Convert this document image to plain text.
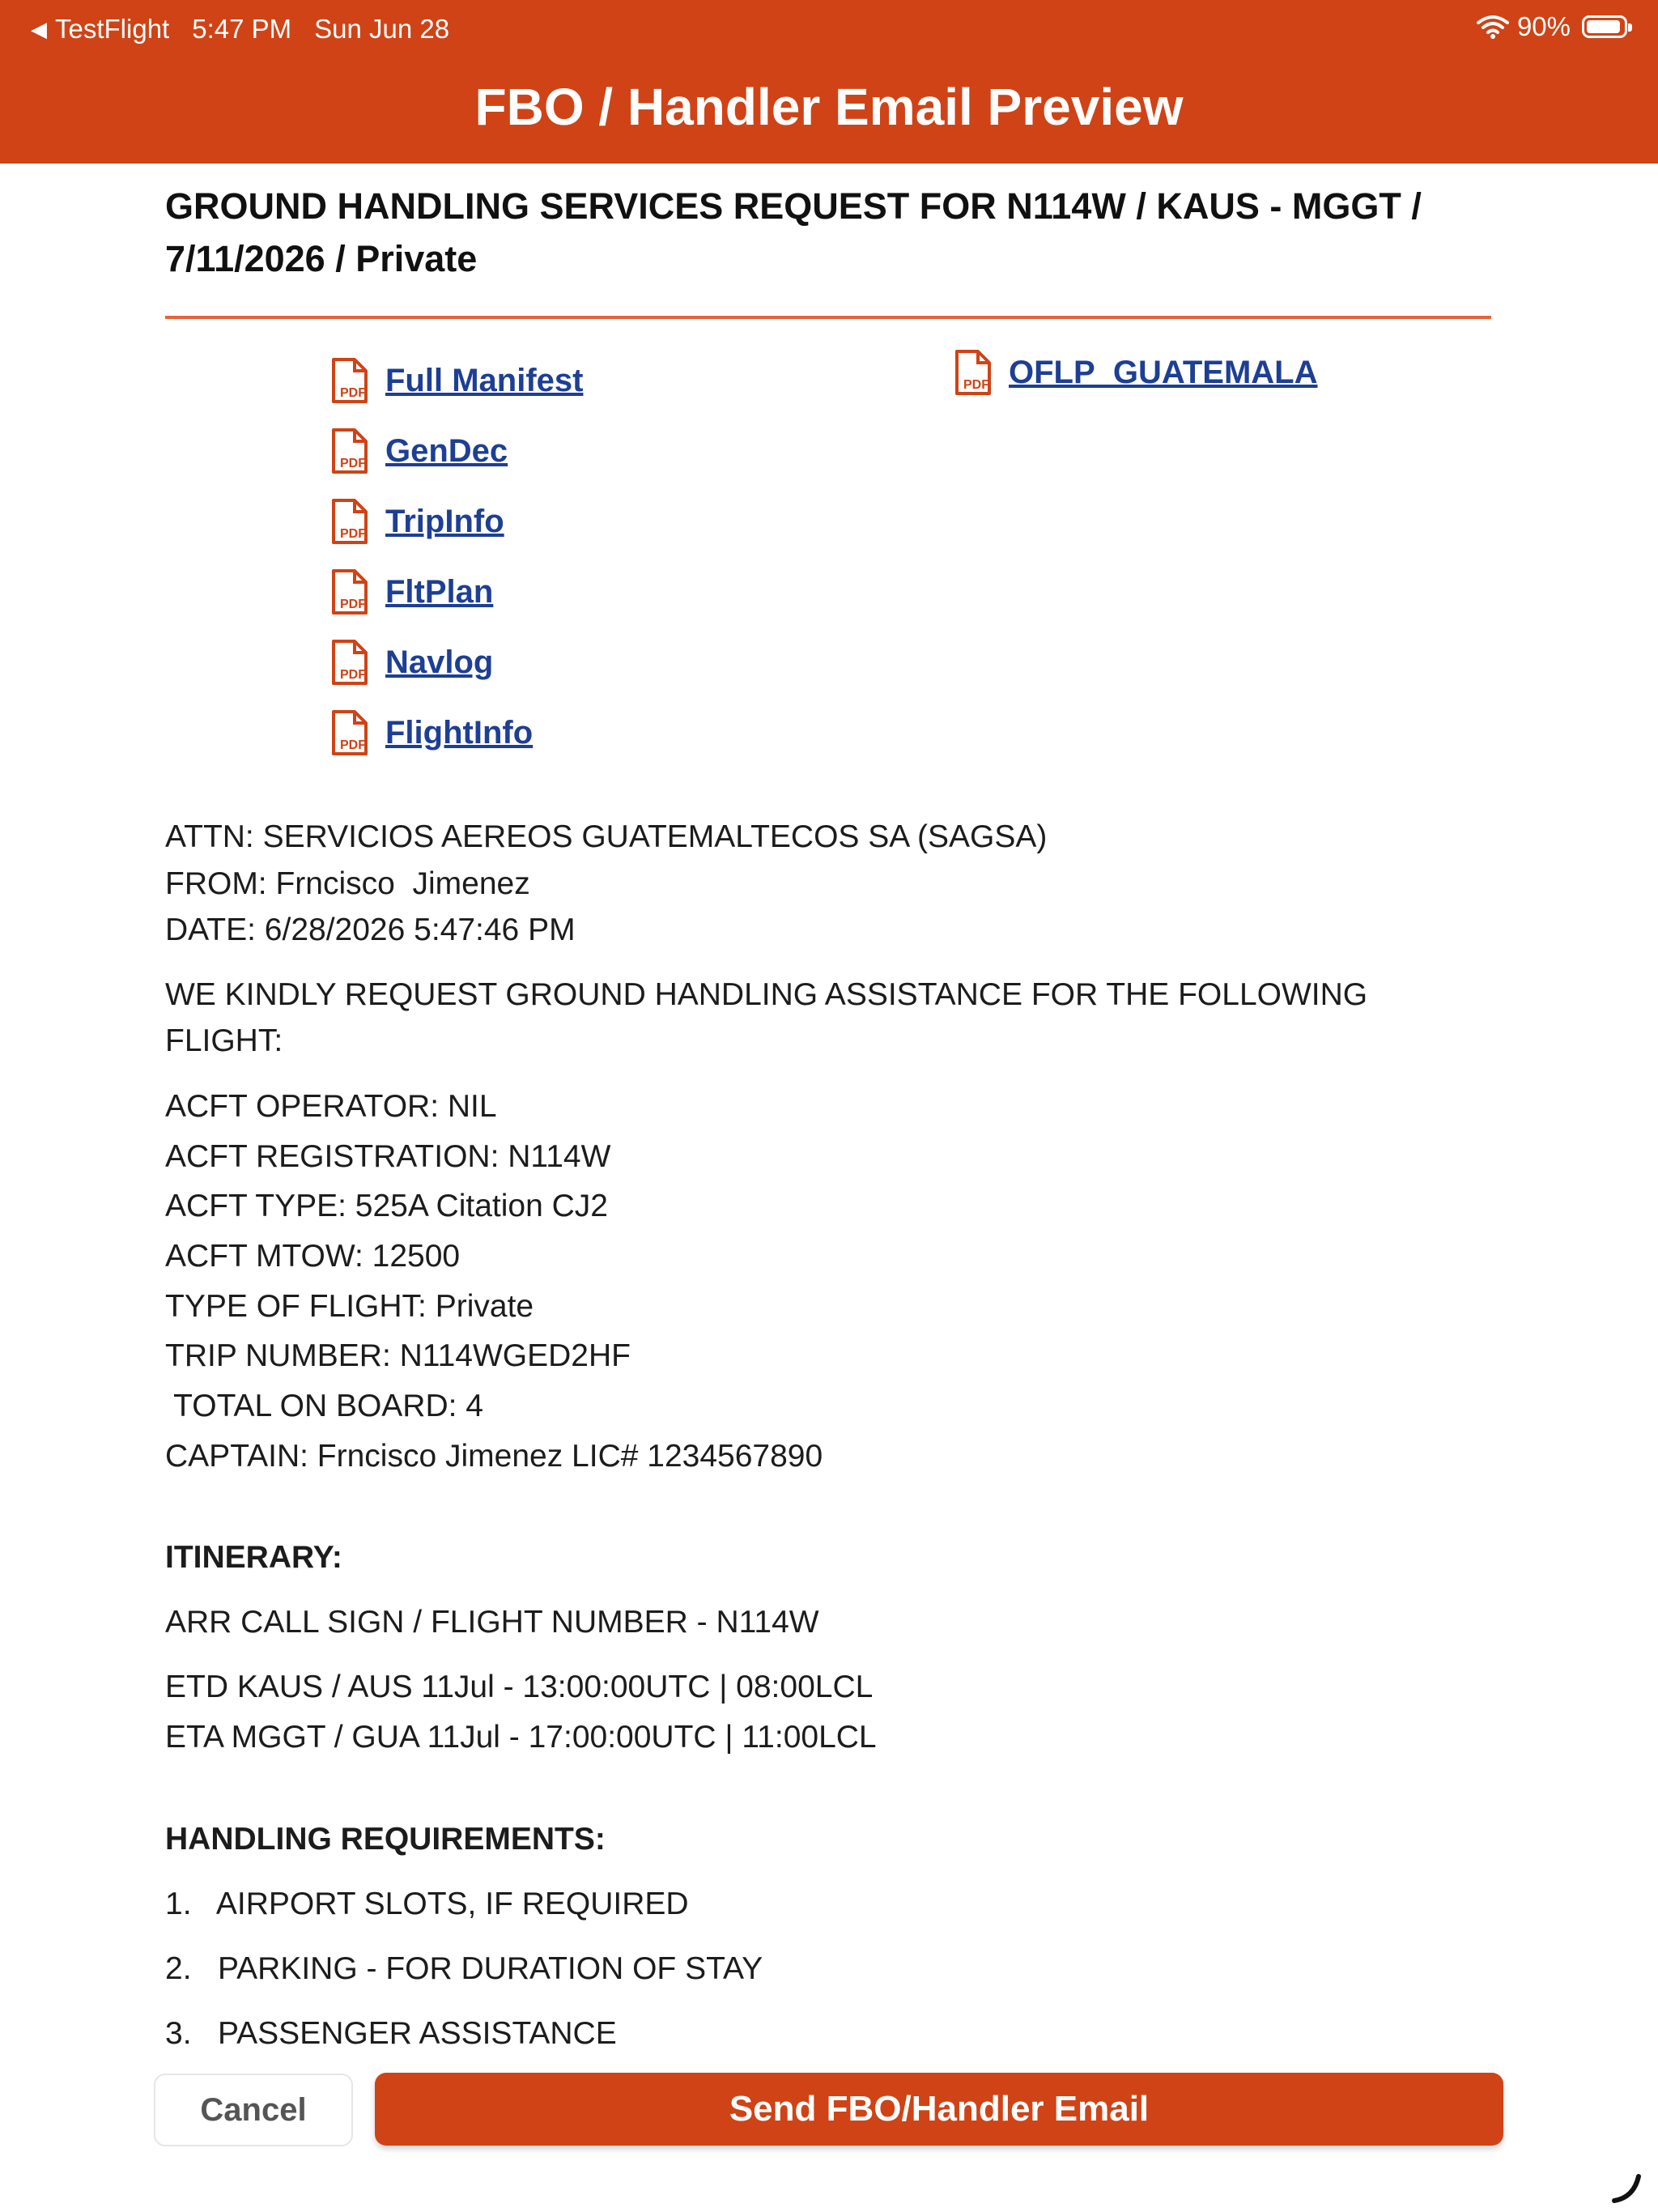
◀ TestFlight 5:47 PM Sun Jun 28	90%
FBO / Handler Email Preview
GROUND HANDLING SERVICES REQUEST FOR N114W / KAUS - MGGT / 7/11/2026 / Private
PDF Full Manifest
PDF GenDec
PDF TripInfo
PDF FltPlan
PDF Navlog
PDF FlightInfo
PDF OFLP_GUATEMALA
ATTN: SERVICIOS AEREOS GUATEMALTECOS SA (SAGSA)
FROM: Frncisco  Jimenez
DATE: 6/28/2026 5:47:46 PM
WE KINDLY REQUEST GROUND HANDLING ASSISTANCE FOR THE FOLLOWING
FLIGHT:
ACFT OPERATOR: NIL
ACFT REGISTRATION: N114W
ACFT TYPE: 525A Citation CJ2
ACFT MTOW: 12500
TYPE OF FLIGHT: Private
TRIP NUMBER: N114WGED2HF
TOTAL ON BOARD: 4
CAPTAIN: Frncisco Jimenez LIC# 1234567890
ITINERARY:
ARR CALL SIGN / FLIGHT NUMBER - N114W
ETD KAUS / AUS 11Jul - 13:00:00UTC | 08:00LCL
ETA MGGT / GUA 11Jul - 17:00:00UTC | 11:00LCL
HANDLING REQUIREMENTS:
1.   AIRPORT SLOTS, IF REQUIRED
2.   PARKING - FOR DURATION OF STAY
3.   PASSENGER ASSISTANCE
Cancel	Send FBO/Handler Email
